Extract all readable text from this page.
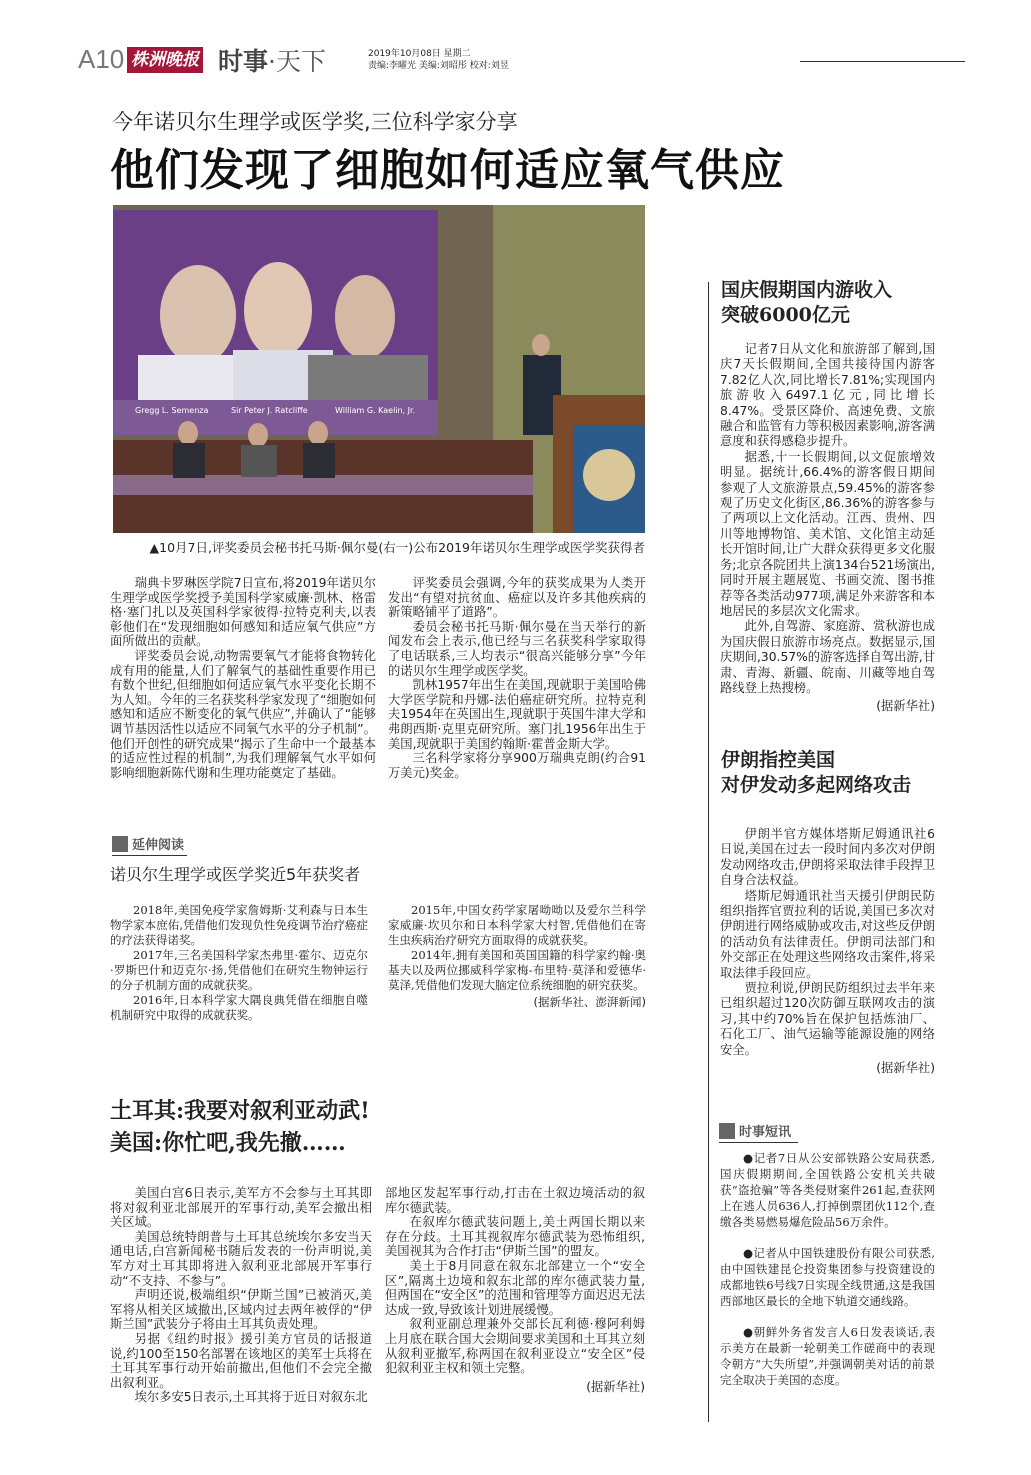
A10 株洲晚报 时事·天下	2019年10月08日 星期二
责编:李曜光 美编:刘昭彤 校对:刘昱
今年诺贝尔生理学或医学奖,三位科学家分享
他们发现了细胞如何适应氧气供应
Gregg L. Semenza	Sir Peter J. Ratcliffe	William G. Kaelin, Jr.
▲10月7日,评奖委员会秘书托马斯·佩尔曼(右一)公布2019年诺贝尔生理学或医学奖获得者

瑞典卡罗琳医学院7日宣布,将2019年诺贝尔生理学或医学奖授予美国科学家威廉·凯林、格雷格·塞门扎以及英国科学家彼得·拉特克利夫,以表彰他们在“发现细胞如何感知和适应氧气供应”方面所做出的贡献。

评奖委员会说,动物需要氧气才能将食物转化成有用的能量,人们了解氧气的基础性重要作用已有数个世纪,但细胞如何适应氧气水平变化长期不为人知。今年的三名获奖科学家发现了“细胞如何感知和适应不断变化的氧气供应”,并确认了“能够调节基因活性以适应不同氧气水平的分子机制”。他们开创性的研究成果“揭示了生命中一个最基本的适应性过程的机制”,为我们理解氧气水平如何影响细胞新陈代谢和生理功能奠定了基础。

评奖委员会强调,今年的获奖成果为人类开发出“有望对抗贫血、癌症以及许多其他疾病的新策略铺平了道路”。

委员会秘书托马斯·佩尔曼在当天举行的新闻发布会上表示,他已经与三名获奖科学家取得了电话联系,三人均表示“很高兴能够分享”今年的诺贝尔生理学或医学奖。

凯林1957年出生在美国,现就职于美国哈佛大学医学院和丹娜-法伯癌症研究所。拉特克利夫1954年在英国出生,现就职于英国牛津大学和弗朗西斯·克里克研究所。塞门扎1956年出生于美国,现就职于美国约翰斯·霍普金斯大学。

三名科学家将分享900万瑞典克朗(约合91万美元)奖金。

延伸阅读
诺贝尔生理学或医学奖近5年获奖者

2018年,美国免疫学家詹姆斯·艾利森与日本生物学家本庶佑,凭借他们发现负性免疫调节治疗癌症的疗法获得诺奖。

2017年,三名美国科学家杰弗里·霍尔、迈克尔·罗斯巴什和迈克尔·扬,凭借他们在研究生物钟运行的分子机制方面的成就获奖。

2016年,日本科学家大隅良典凭借在细胞自噬机制研究中取得的成就获奖。

2015年,中国女药学家屠呦呦以及爱尔兰科学家威廉·坎贝尔和日本科学家大村智,凭借他们在寄生虫疾病治疗研究方面取得的成就获奖。

2014年,拥有美国和英国国籍的科学家约翰·奥基夫以及两位挪威科学家梅-布里特·莫泽和爱德华·莫泽,凭借他们发现大脑定位系统细胞的研究获奖。

(据新华社、澎湃新闻)

土耳其:我要对叙利亚动武!
美国:你忙吧,我先撤……

美国白宫6日表示,美军方不会参与土耳其即将对叙利亚北部展开的军事行动,美军会撤出相关区域。

美国总统特朗普与土耳其总统埃尔多安当天通电话,白宫新闻秘书随后发表的一份声明说,美军方对土耳其即将进入叙利亚北部展开军事行动“不支持、不参与”。

声明还说,极端组织“伊斯兰国”已被消灭,美军将从相关区域撤出,区域内过去两年被俘的“伊斯兰国”武装分子将由土耳其负责处理。

另据《纽约时报》援引美方官员的话报道说,约100至150名部署在该地区的美军士兵将在土耳其军事行动开始前撤出,但他们不会完全撤出叙利亚。

埃尔多安5日表示,土耳其将于近日对叙东北

部地区发起军事行动,打击在土叙边境活动的叙库尔德武装。

在叙库尔德武装问题上,美土两国长期以来存在分歧。土耳其视叙库尔德武装为恐怖组织,美国视其为合作打击“伊斯兰国”的盟友。

美土于8月同意在叙东北部建立一个“安全区”,隔离土边境和叙东北部的库尔德武装力量,但两国在“安全区”的范围和管理等方面迟迟无法达成一致,导致该计划进展缓慢。

叙利亚副总理兼外交部长瓦利德·穆阿利姆上月底在联合国大会期间要求美国和土耳其立刻从叙利亚撤军,称两国在叙利亚设立“安全区”侵犯叙利亚主权和领土完整。

(据新华社)

国庆假期国内游收入
突破6000亿元

记者7日从文化和旅游部了解到,国庆7天长假期间,全国共接待国内游客7.82亿人次,同比增长7.81%;实现国内旅游收入6497.1亿元,同比增长8.47%。受景区降价、高速免费、文旅融合和监管有力等积极因素影响,游客满意度和获得感稳步提升。

据悉,十一长假期间,以文促旅增效明显。据统计,66.4%的游客假日期间参观了人文旅游景点,59.45%的游客参观了历史文化街区,86.36%的游客参与了两项以上文化活动。江西、贵州、四川等地博物馆、美术馆、文化馆主动延长开馆时间,让广大群众获得更多文化服务;北京各院团共上演134台521场演出,同时开展主题展览、书画交流、图书推荐等各类活动977项,满足外来游客和本地居民的多层次文化需求。

此外,自驾游、家庭游、赏秋游也成为国庆假日旅游市场亮点。数据显示,国庆期间,30.57%的游客选择自驾出游,甘肃、青海、新疆、皖南、川藏等地自驾路线登上热搜榜。

(据新华社)

伊朗指控美国
对伊发动多起网络攻击

伊朗半官方媒体塔斯尼姆通讯社6日说,美国在过去一段时间内多次对伊朗发动网络攻击,伊朗将采取法律手段捍卫自身合法权益。

塔斯尼姆通讯社当天援引伊朗民防组织指挥官贾拉利的话说,美国已多次对伊朗进行网络威胁或攻击,对这些反伊朗的活动负有法律责任。伊朗司法部门和外交部正在处理这些网络攻击案件,将采取法律手段回应。

贾拉利说,伊朗民防组织过去半年来已组织超过120次防御互联网攻击的演习,其中约70%旨在保护包括炼油厂、石化工厂、油气运输等能源设施的网络安全。

(据新华社)

时事短讯

●记者7日从公安部铁路公安局获悉,国庆假期期间,全国铁路公安机关共破获“盗抢骗”等各类侵财案件261起,查获网上在逃人员636人,打掉倒票团伙112个,查缴各类易燃易爆危险品56万余件。

●记者从中国铁建股份有限公司获悉,由中国铁建昆仑投资集团参与投资建设的成都地铁6号线7日实现全线贯通,这是我国西部地区最长的全地下轨道交通线路。

●朝鲜外务省发言人6日发表谈话,表示美方在最新一轮朝美工作磋商中的表现令朝方“大失所望”,并强调朝美对话的前景完全取决于美国的态度。
